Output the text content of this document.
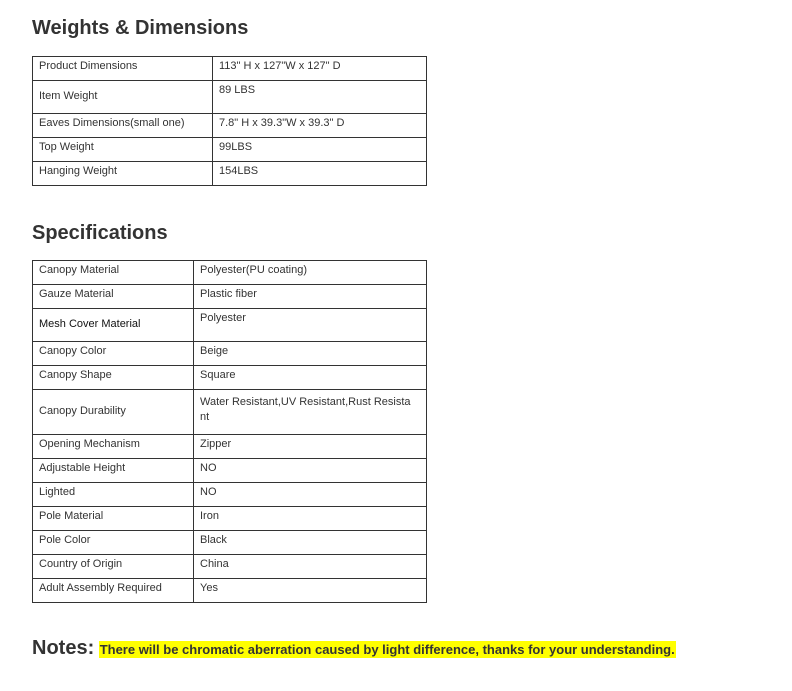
Weights & Dimensions
Product Dimensions	113" H x 127"W x 127" D
Item Weight	89 LBS
Eaves Dimensions(small one)	7.8" H x 39.3"W x 39.3" D
Top Weight	99LBS
Hanging Weight	154LBS
Specifications
Canopy Material	Polyester(PU coating)
Gauze Material	Plastic fiber
Mesh Cover Material	Polyester
Canopy Color	Beige
Canopy Shape	Square
Canopy Durability	Water Resistant,UV Resistant,Rust Resista nt
Opening Mechanism	Zipper
Adjustable Height	NO
Lighted	NO
Pole Material	Iron
Pole Color	Black
Country of Origin	China
Adult Assembly Required	Yes

Notes: There will be chromatic aberration caused by light difference, thanks for your understanding.
